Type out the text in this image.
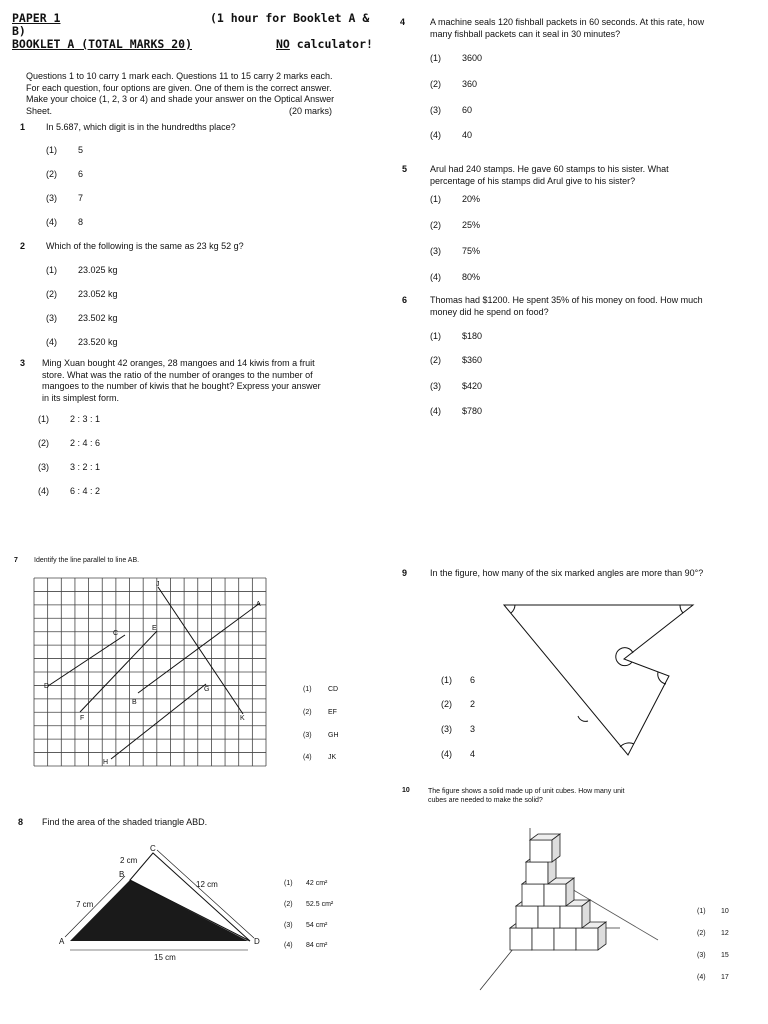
PAPER 1	(1 hour for Booklet A &
B)
BOOKLET A (TOTAL MARKS 20)	NO calculator!
Questions 1 to 10 carry 1 mark each. Questions 11 to 15 carry 2 marks each.
For each question, four options are given. One of them is the correct answer.
Make your choice (1, 2, 3 or 4) and shade your answer on the Optical Answer
Sheet.	(20 marks)
1 In 5.687, which digit is in the hundredths place?
(1) 5
(2) 6
(3) 7
(4) 8
2 Which of the following is the same as 23 kg 52 g?
(1) 23.025 kg
(2) 23.052 kg
(3) 23.502 kg
(4) 23.520 kg
3 Ming Xuan bought 42 oranges, 28 mangoes and 14 kiwis from a fruit
store. What was the ratio of the number of oranges to the number of
mangoes to the number of kiwis that he bought? Express your answer
in its simplest form.
(1) 2 : 3 : 1
(2) 2 : 4 : 6
(3) 3 : 2 : 1
(4) 6 : 4 : 2
4	A machine seals 120 fishball packets in 60 seconds. At this rate, how
many fishball packets can it seal in 30 minutes?
(1) 3600
(2) 360
(3) 60
(4) 40
5	Arul had 240 stamps. He gave 60 stamps to his sister. What
percentage of his stamps did Arul give to his sister?
(1) 20%
(2) 25%
(3) 75%
(4) 80%
6	Thomas had $1200. He spent 35% of his money on food. How much
money did he spend on food?
(1) $180
(2) $360
(3) $420
(4) $780
7 Identify the line parallel to line AB.
A
B
C
D
E
F
G
H
J
K
(1) CD
(2) EF
(3) GH
(4) JK
8 Find the area of the shaded triangle ABD.
A
B
C
D
2 cm
7 cm
12 cm
15 cm
(1) 42 cm²
(2) 52.5 cm²
(3) 54 cm²
(4) 84 cm²
9	In the figure, how many of the six marked angles are more than 90°?
(1) 6
(2) 2
(3) 3
(4) 4
10	The figure shows a solid made up of unit cubes. How many unit
cubes are needed to make the solid?
(1) 10
(2) 12
(3) 15
(4) 17
